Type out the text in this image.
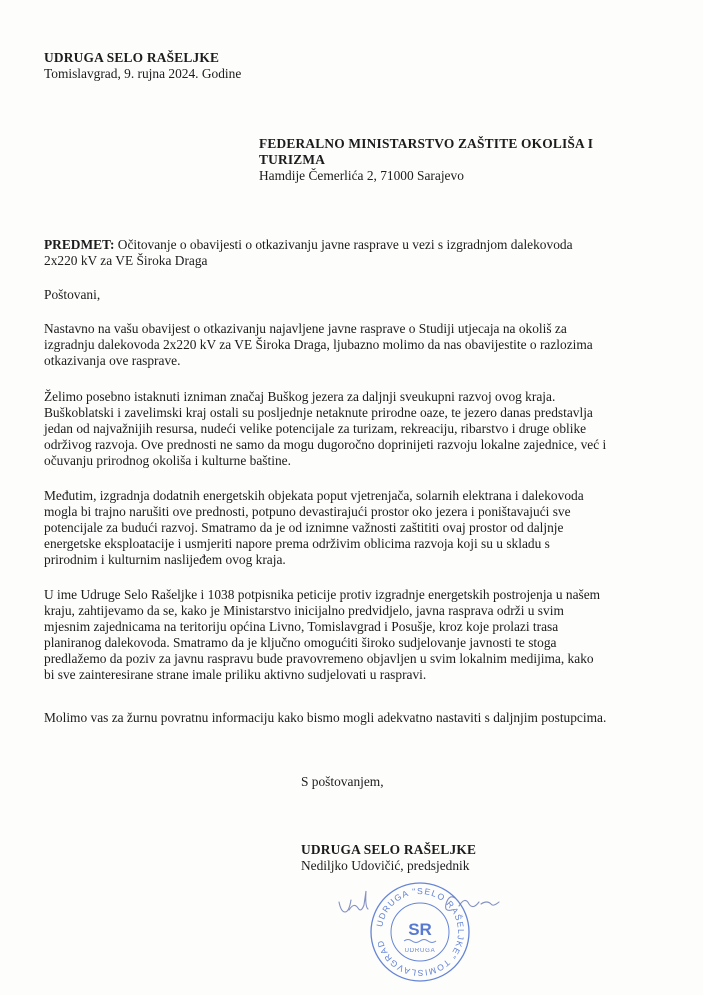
UDRUGA SELO RAŠELJKE
Tomislavgrad, 9. rujna 2024. Godine
FEDERALNO MINISTARSTVO ZAŠTITE OKOLIŠA I
TURIZMA
Hamdije Čemerlića 2, 71000 Sarajevo
PREDMET: Očitovanje o obavijesti o otkazivanju javne rasprave u vezi s izgradnjom dalekovoda
2x220 kV za VE Široka Draga
Poštovani,
Nastavno na vašu obavijest o otkazivanju najavljene javne rasprave o Studiji utjecaja na okoliš za
izgradnju dalekovoda 2x220 kV za VE Široka Draga, ljubazno molimo da nas obavijestite o razlozima
otkazivanja ove rasprave.
Želimo posebno istaknuti izniman značaj Buškog jezera za daljnji sveukupni razvoj ovog kraja.
Buškoblatski i zavelimski kraj ostali su posljednje netaknute prirodne oaze, te jezero danas predstavlja
jedan od najvažnijih resursa, nudeći velike potencijale za turizam, rekreaciju, ribarstvo i druge oblike
održivog razvoja. Ove prednosti ne samo da mogu dugoročno doprinijeti razvoju lokalne zajednice, već i
očuvanju prirodnog okoliša i kulturne baštine.
Međutim, izgradnja dodatnih energetskih objekata poput vjetrenjača, solarnih elektrana i dalekovoda
mogla bi trajno narušiti ove prednosti, potpuno devastirajući prostor oko jezera i poništavajući sve
potencijale za budući razvoj. Smatramo da je od iznimne važnosti zaštititi ovaj prostor od daljnje
energetske eksploatacije i usmjeriti napore prema održivim oblicima razvoja koji su u skladu s
prirodnim i kulturnim naslijeđem ovog kraja.
U ime Udruge Selo Rašeljke i 1038 potpisnika peticije protiv izgradnje energetskih postrojenja u našem
kraju, zahtijevamo da se, kako je Ministarstvo inicijalno predvidjelo, javna rasprava održi u svim
mjesnim zajednicama na teritoriju općina Livno, Tomislavgrad i Posušje, kroz koje prolazi trasa
planiranog dalekovoda. Smatramo da je ključno omogućiti široko sudjelovanje javnosti te stoga
predlažemo da poziv za javnu raspravu bude pravovremeno objavljen u svim lokalnim medijima, kako
bi sve zainteresirane strane imale priliku aktivno sudjelovati u raspravi.
Molimo vas za žurnu povratnu informaciju kako bismo mogli adekvatno nastaviti s daljnjim postupcima.
S poštovanjem,
UDRUGA SELO RAŠELJKE
Nediljko Udovičić, predsjednik
UDRUGA "SELO RAŠELJKE" TOMISLAVGRAD
SR
UDRUGA
